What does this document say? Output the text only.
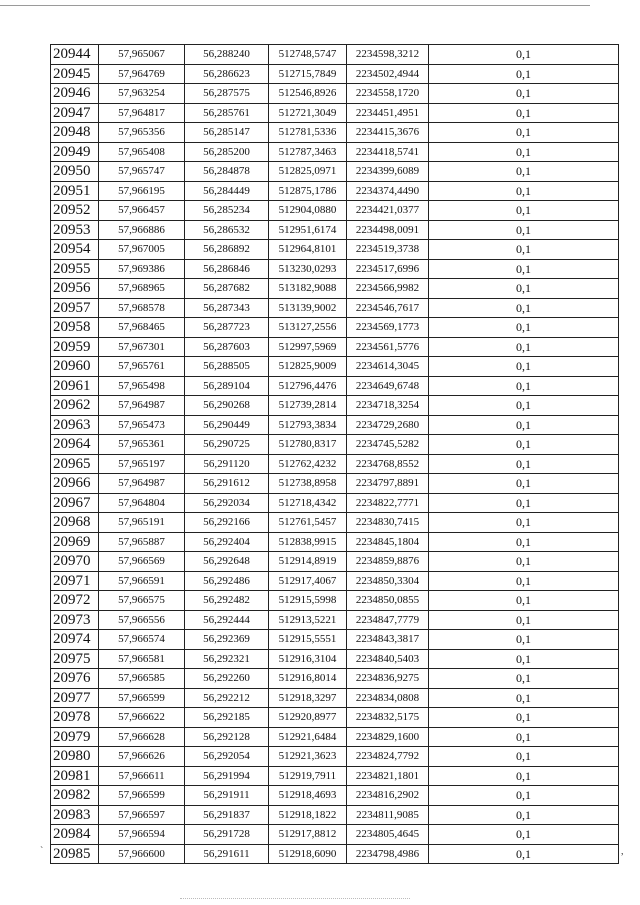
20944	57,965067	56,288240	512748,5747	2234598,3212	0,1
20945	57,964769	56,286623	512715,7849	2234502,4944	0,1
20946	57,963254	56,287575	512546,8926	2234558,1720	0,1
20947	57,964817	56,285761	512721,3049	2234451,4951	0,1
20948	57,965356	56,285147	512781,5336	2234415,3676	0,1
20949	57,965408	56,285200	512787,3463	2234418,5741	0,1
20950	57,965747	56,284878	512825,0971	2234399,6089	0,1
20951	57,966195	56,284449	512875,1786	2234374,4490	0,1
20952	57,966457	56,285234	512904,0880	2234421,0377	0,1
20953	57,966886	56,286532	512951,6174	2234498,0091	0,1
20954	57,967005	56,286892	512964,8101	2234519,3738	0,1
20955	57,969386	56,286846	513230,0293	2234517,6996	0,1
20956	57,968965	56,287682	513182,9088	2234566,9982	0,1
20957	57,968578	56,287343	513139,9002	2234546,7617	0,1
20958	57,968465	56,287723	513127,2556	2234569,1773	0,1
20959	57,967301	56,287603	512997,5969	2234561,5776	0,1
20960	57,965761	56,288505	512825,9009	2234614,3045	0,1
20961	57,965498	56,289104	512796,4476	2234649,6748	0,1
20962	57,964987	56,290268	512739,2814	2234718,3254	0,1
20963	57,965473	56,290449	512793,3834	2234729,2680	0,1
20964	57,965361	56,290725	512780,8317	2234745,5282	0,1
20965	57,965197	56,291120	512762,4232	2234768,8552	0,1
20966	57,964987	56,291612	512738,8958	2234797,8891	0,1
20967	57,964804	56,292034	512718,4342	2234822,7771	0,1
20968	57,965191	56,292166	512761,5457	2234830,7415	0,1
20969	57,965887	56,292404	512838,9915	2234845,1804	0,1
20970	57,966569	56,292648	512914,8919	2234859,8876	0,1
20971	57,966591	56,292486	512917,4067	2234850,3304	0,1
20972	57,966575	56,292482	512915,5998	2234850,0855	0,1
20973	57,966556	56,292444	512913,5221	2234847,7779	0,1
20974	57,966574	56,292369	512915,5551	2234843,3817	0,1
20975	57,966581	56,292321	512916,3104	2234840,5403	0,1
20976	57,966585	56,292260	512916,8014	2234836,9275	0,1
20977	57,966599	56,292212	512918,3297	2234834,0808	0,1
20978	57,966622	56,292185	512920,8977	2234832,5175	0,1
20979	57,966628	56,292128	512921,6484	2234829,1600	0,1
20980	57,966626	56,292054	512921,3623	2234824,7792	0,1
20981	57,966611	56,291994	512919,7911	2234821,1801	0,1
20982	57,966599	56,291911	512918,4693	2234816,2902	0,1
20983	57,966597	56,291837	512918,1822	2234811,9085	0,1
20984	57,966594	56,291728	512917,8812	2234805,4645	0,1
20985	57,966600	56,291611	512918,6090	2234798,4986	0,1
`	,
